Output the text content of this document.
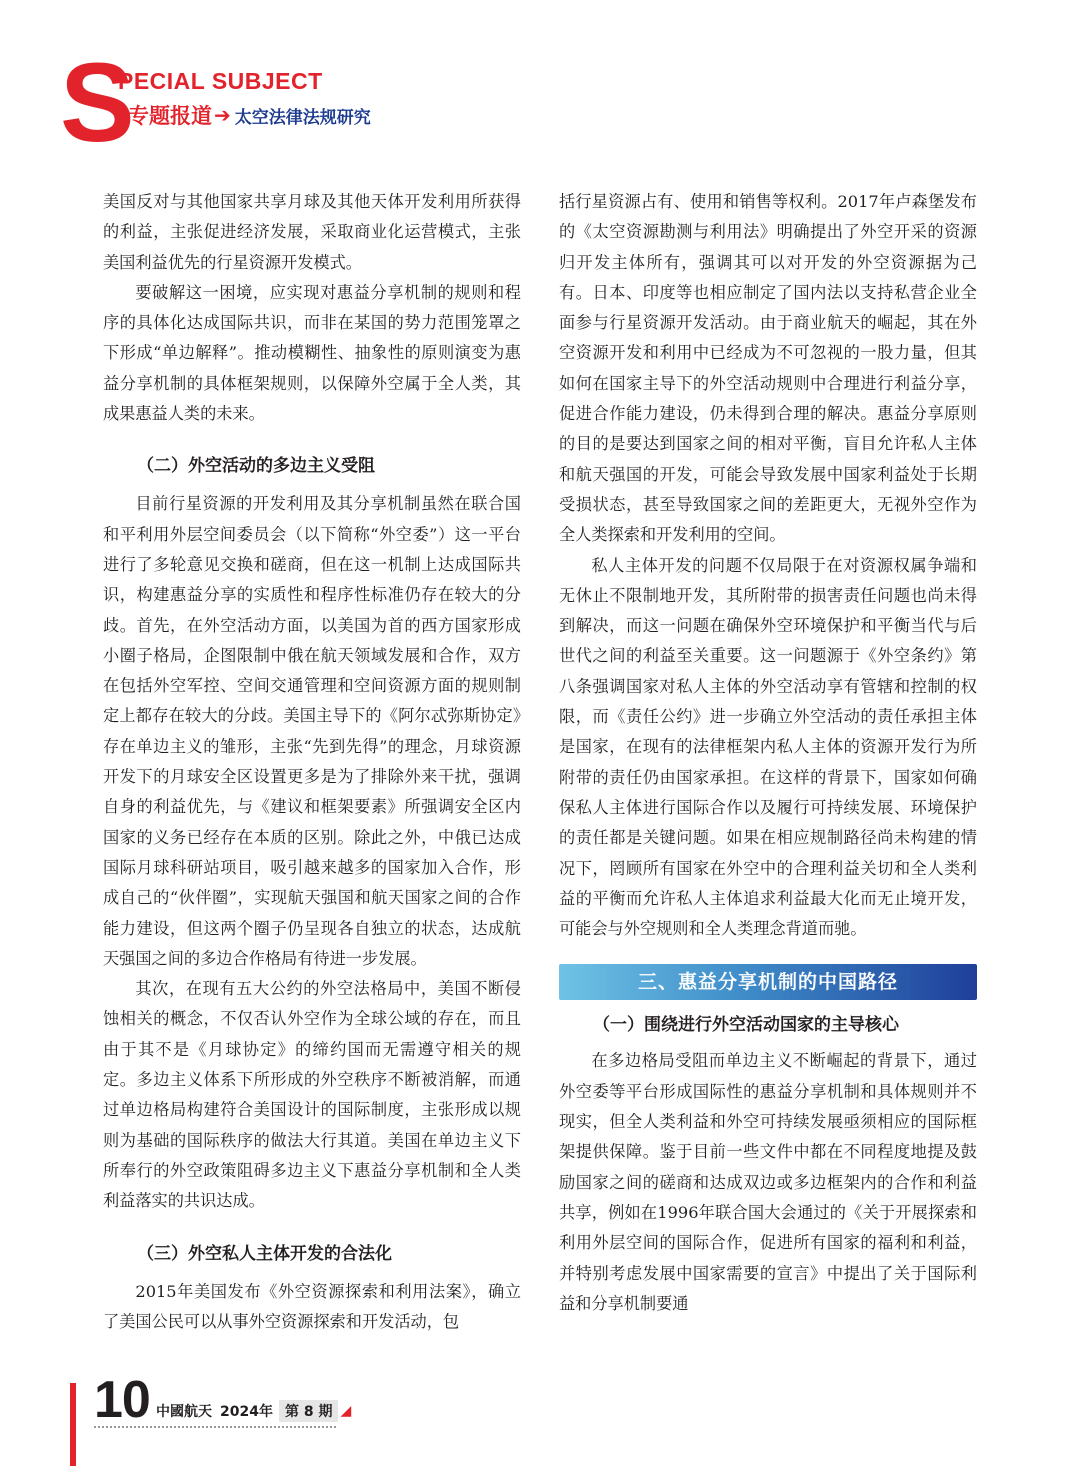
S
PECIAL SUBJECT
专题报道 ➔ 太空法律法规研究

美国反对与其他国家共享月球及其他天体开发利用所获得的利益，主张促进经济发展，采取商业化运营模式，主张美国利益优先的行星资源开发模式。

要破解这一困境，应实现对惠益分享机制的规则和程序的具体化达成国际共识，而非在某国的势力范围笼罩之下形成“单边解释”。推动模糊性、抽象性的原则演变为惠益分享机制的具体框架规则，以保障外空属于全人类，其成果惠益人类的未来。

（二）外空活动的多边主义受阻

目前行星资源的开发利用及其分享机制虽然在联合国和平利用外层空间委员会（以下简称“外空委”）这一平台进行了多轮意见交换和磋商，但在这一机制上达成国际共识，构建惠益分享的实质性和程序性标准仍存在较大的分歧。首先，在外空活动方面，以美国为首的西方国家形成小圈子格局，企图限制中俄在航天领域发展和合作，双方在包括外空军控、空间交通管理和空间资源方面的规则制定上都存在较大的分歧。美国主导下的《阿尔忒弥斯协定》存在单边主义的雏形，主张“先到先得”的理念，月球资源开发下的月球安全区设置更多是为了排除外来干扰，强调自身的利益优先，与《建议和框架要素》所强调安全区内国家的义务已经存在本质的区别。除此之外，中俄已达成国际月球科研站项目，吸引越来越多的国家加入合作，形成自己的“伙伴圈”，实现航天强国和航天国家之间的合作能力建设，但这两个圈子仍呈现各自独立的状态，达成航天强国之间的多边合作格局有待进一步发展。

其次，在现有五大公约的外空法格局中，美国不断侵蚀相关的概念，不仅否认外空作为全球公域的存在，而且由于其不是《月球协定》的缔约国而无需遵守相关的规定。多边主义体系下所形成的外空秩序不断被消解，而通过单边格局构建符合美国设计的国际制度，主张形成以规则为基础的国际秩序的做法大行其道。美国在单边主义下所奉行的外空政策阻碍多边主义下惠益分享机制和全人类利益落实的共识达成。

（三）外空私人主体开发的合法化

2015年美国发布《外空资源探索和利用法案》，确立了美国公民可以从事外空资源探索和开发活动，包

括行星资源占有、使用和销售等权利。2017年卢森堡发布的《太空资源勘测与利用法》明确提出了外空开采的资源归开发主体所有，强调其可以对开发的外空资源据为己有。日本、印度等也相应制定了国内法以支持私营企业全面参与行星资源开发活动。由于商业航天的崛起，其在外空资源开发和利用中已经成为不可忽视的一股力量，但其如何在国家主导下的外空活动规则中合理进行利益分享，促进合作能力建设，仍未得到合理的解决。惠益分享原则的目的是要达到国家之间的相对平衡，盲目允许私人主体和航天强国的开发，可能会导致发展中国家利益处于长期受损状态，甚至导致国家之间的差距更大，无视外空作为全人类探索和开发利用的空间。

私人主体开发的问题不仅局限于在对资源权属争端和无休止不限制地开发，其所附带的损害责任问题也尚未得到解决，而这一问题在确保外空环境保护和平衡当代与后世代之间的利益至关重要。这一问题源于《外空条约》第八条强调国家对私人主体的外空活动享有管辖和控制的权限，而《责任公约》进一步确立外空活动的责任承担主体是国家，在现有的法律框架内私人主体的资源开发行为所附带的责任仍由国家承担。在这样的背景下，国家如何确保私人主体进行国际合作以及履行可持续发展、环境保护的责任都是关键问题。如果在相应规制路径尚未构建的情况下，罔顾所有国家在外空中的合理利益关切和全人类利益的平衡而允许私人主体追求利益最大化而无止境开发，可能会与外空规则和全人类理念背道而驰。

三、惠益分享机制的中国路径
（一）围绕进行外空活动国家的主导核心

在多边格局受阻而单边主义不断崛起的背景下，通过外空委等平台形成国际性的惠益分享机制和具体规则并不现实，但全人类利益和外空可持续发展亟须相应的国际框架提供保障。鉴于目前一些文件中都在不同程度地提及鼓励国家之间的磋商和达成双边或多边框架内的合作和利益共享，例如在1996年联合国大会通过的《关于开展探索和利用外层空间的国际合作，促进所有国家的福利和利益，并特别考虑发展中国家需要的宣言》中提出了关于国际利益和分享机制要通

10 中國航天 2024年 第 8 期 ◢
